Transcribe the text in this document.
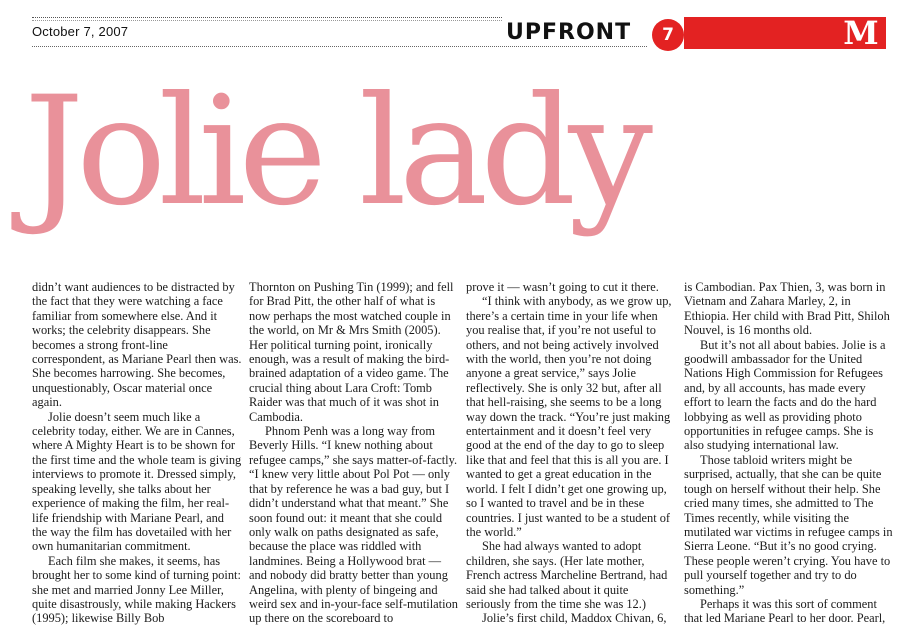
October 7, 2007	UPFRONT	7	M
Jolie lady

didn’t want audiences to be distracted by the fact that they were watching a face familiar from somewhere else. And it works; the celebrity disappears. She becomes a strong front-line correspondent, as Mariane Pearl then was. She becomes harrowing. She becomes, unquestionably, Oscar material once again.

Jolie doesn’t seem much like a celebrity today, either. We are in Cannes, where A Mighty Heart is to be shown for the first time and the whole team is giving interviews to promote it. Dressed simply, speaking levelly, she talks about her experience of making the film, her real-life friendship with Mariane Pearl, and the way the film has dovetailed with her own humanitarian commitment.

Each film she makes, it seems, has brought her to some kind of turning point: she met and married Jonny Lee Miller, quite disastrously, while making Hackers (1995); likewise Billy Bob

Thornton on Pushing Tin (1999); and fell for Brad Pitt, the other half of what is now perhaps the most watched couple in the world, on Mr & Mrs Smith (2005). Her political turning point, ironically enough, was a result of making the bird-brained adaptation of a video game. The crucial thing about Lara Croft: Tomb Raider was that much of it was shot in Cambodia.

Phnom Penh was a long way from Beverly Hills. “I knew nothing about refugee camps,” she says matter-of-factly. “I knew very little about Pol Pot — only that by reference he was a bad guy, but I didn’t understand what that meant.” She soon found out: it meant that she could only walk on paths designated as safe, because the place was riddled with landmines. Being a Hollywood brat — and nobody did bratty better than young Angelina, with plenty of bingeing and weird sex and in-your-face self-mutilation up there on the scoreboard to

prove it — wasn’t going to cut it there.

“I think with anybody, as we grow up, there’s a certain time in your life when you realise that, if you’re not useful to others, and not being actively involved with the world, then you’re not doing anyone a great service,” says Jolie reflectively. She is only 32 but, after all that hell-raising, she seems to be a long way down the track. “You’re just making entertainment and it doesn’t feel very good at the end of the day to go to sleep like that and feel that this is all you are. I wanted to get a great education in the world. I felt I didn’t get one growing up, so I wanted to travel and be in these countries. I just wanted to be a student of the world.”

She had always wanted to adopt children, she says. (Her late mother, French actress Marcheline Bertrand, had said she had talked about it quite seriously from the time she was 12.)

Jolie’s first child, Maddox Chivan, 6,

is Cambodian. Pax Thien, 3, was born in Vietnam and Zahara Marley, 2, in Ethiopia. Her child with Brad Pitt, Shiloh Nouvel, is 16 months old.

But it’s not all about babies. Jolie is a goodwill ambassador for the United Nations High Commission for Refugees and, by all accounts, has made every effort to learn the facts and do the hard lobbying as well as providing photo opportunities in refugee camps. She is also studying international law.

Those tabloid writers might be surprised, actually, that she can be quite tough on herself without their help. She cried many times, she admitted to The Times recently, while visiting the mutilated war victims in refugee camps in Sierra Leone. “But it’s no good crying. These people weren’t crying. You have to pull yourself together and try to do something.”

Perhaps it was this sort of comment that led Mariane Pearl to her door. Pearl,
